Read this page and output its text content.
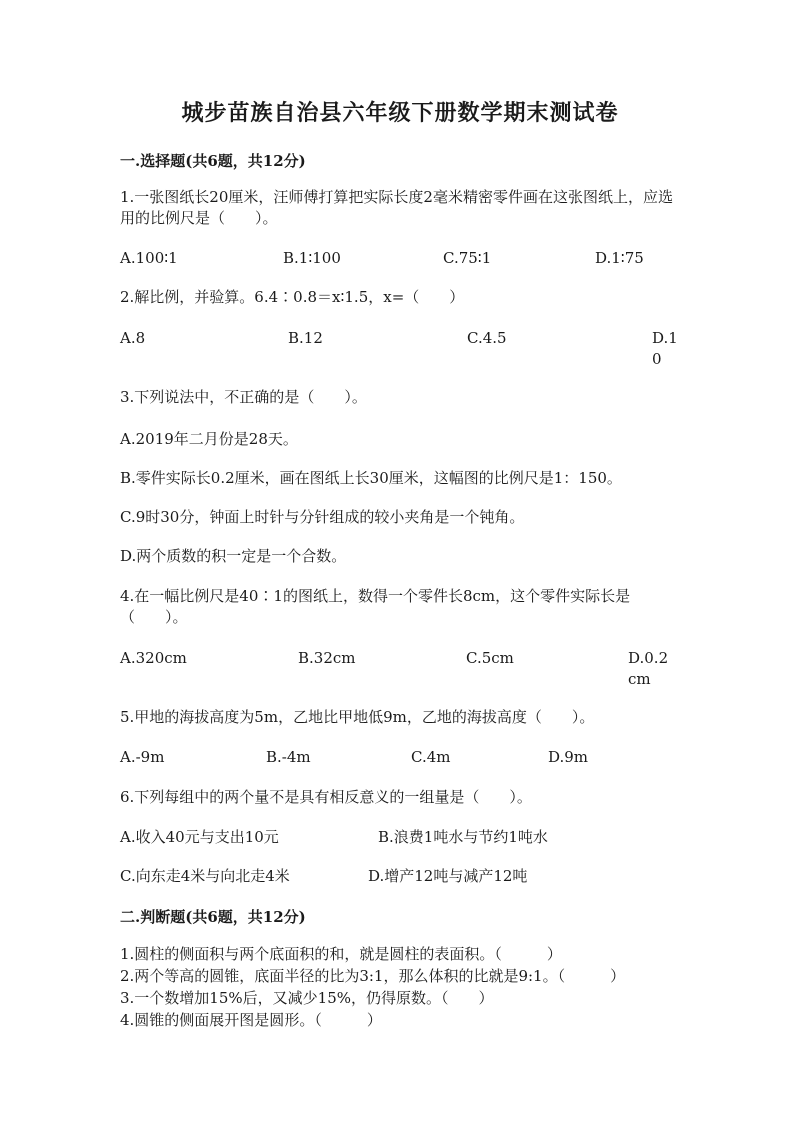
城步苗族自治县六年级下册数学期末测试卷
一.选择题(共6题，共12分)
1.一张图纸长20厘米，汪师傅打算把实际长度2毫米精密零件画在这张图纸上，应选用的比例尺是（　　）。
A.100∶1	B.1∶100	C.75∶1	D.1∶75
2.解比例，并验算。6.4∶0.8＝x∶1.5，x=（　　）
A.8	B.12	C.4.5	D.10
3.下列说法中，不正确的是（　　）。
A.2019年二月份是28天。
B.零件实际长0.2厘米，画在图纸上长30厘米，这幅图的比例尺是1：150。
C.9时30分，钟面上时针与分针组成的较小夹角是一个钝角。
D.两个质数的积一定是一个合数。
4.在一幅比例尺是40∶1的图纸上，数得一个零件长8cm，这个零件实际长是（　　）。
A.320cm	B.32cm	C.5cm	D.0.2cm
5.甲地的海拔高度为5m，乙地比甲地低9m，乙地的海拔高度（　　）。
A.-9m	B.-4m	C.4m	D.9m
6.下列每组中的两个量不是具有相反意义的一组量是（　　）。
A.收入40元与支出10元	B.浪费1吨水与节约1吨水
C.向东走4米与向北走4米	D.增产12吨与减产12吨
二.判断题(共6题，共12分)
1.圆柱的侧面积与两个底面积的和，就是圆柱的表面积。（　　　）
2.两个等高的圆锥，底面半径的比为3:1，那么体积的比就是9:1。（　　　）
3.一个数增加15%后，又减少15%，仍得原数。（　　）
4.圆锥的侧面展开图是圆形。（　　　）
